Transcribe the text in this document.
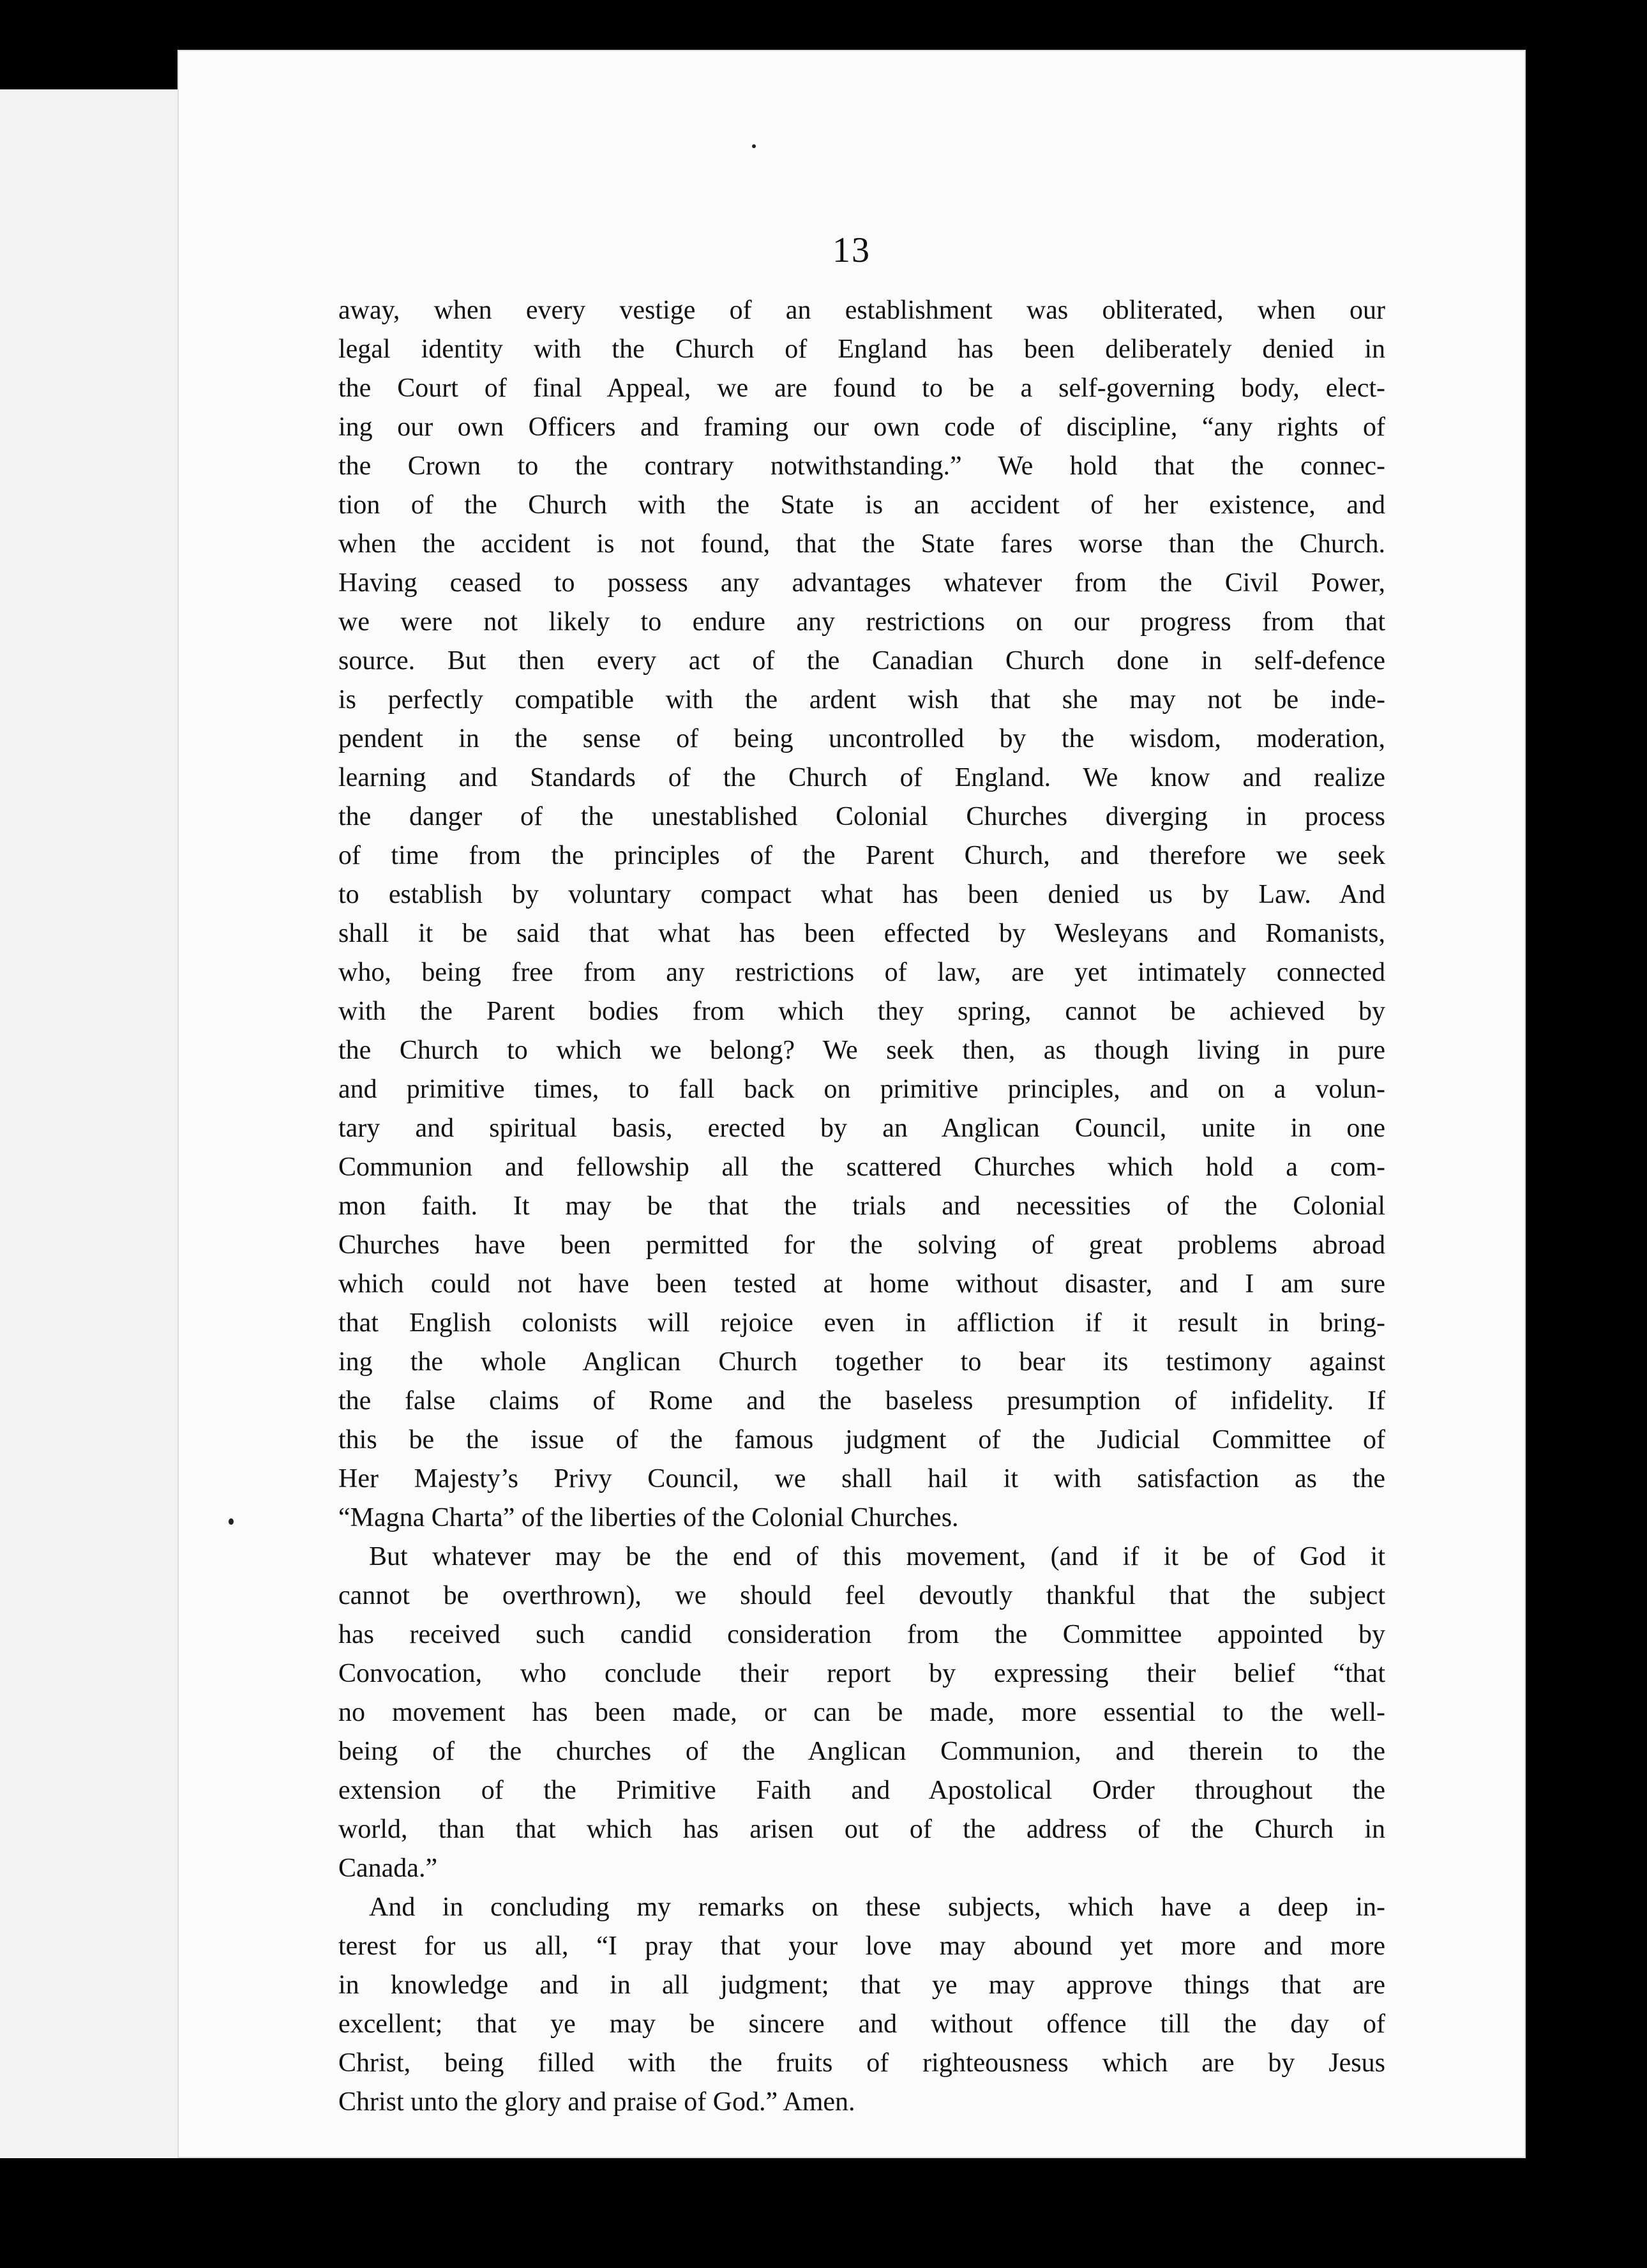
13
away, when every vestige of an establishment was obliterated, when our
legal identity with the Church of England has been deliberately denied in
the Court of final Appeal, we are found to be a self-governing body, elect-
ing our own Officers and framing our own code of discipline, “any rights of
the Crown to the contrary notwithstanding.” We hold that the connec-
tion of the Church with the State is an accident of her existence, and
when the accident is not found, that the State fares worse than the Church.
Having ceased to possess any advantages whatever from the Civil Power,
we were not likely to endure any restrictions on our progress from that
source. But then every act of the Canadian Church done in self-defence
is perfectly compatible with the ardent wish that she may not be inde-
pendent in the sense of being uncontrolled by the wisdom, moderation,
learning and Standards of the Church of England. We know and realize
the danger of the unestablished Colonial Churches diverging in process
of time from the principles of the Parent Church, and therefore we seek
to establish by voluntary compact what has been denied us by Law. And
shall it be said that what has been effected by Wesleyans and Romanists,
who, being free from any restrictions of law, are yet intimately connected
with the Parent bodies from which they spring, cannot be achieved by
the Church to which we belong? We seek then, as though living in pure
and primitive times, to fall back on primitive principles, and on a volun-
tary and spiritual basis, erected by an Anglican Council, unite in one
Communion and fellowship all the scattered Churches which hold a com-
mon faith. It may be that the trials and necessities of the Colonial
Churches have been permitted for the solving of great problems abroad
which could not have been tested at home without disaster, and I am sure
that English colonists will rejoice even in affliction if it result in bring-
ing the whole Anglican Church together to bear its testimony against
the false claims of Rome and the baseless presumption of infidelity. If
this be the issue of the famous judgment of the Judicial Committee of
Her Majesty’s Privy Council, we shall hail it with satisfaction as the
“Magna Charta” of the liberties of the Colonial Churches.
But whatever may be the end of this movement, (and if it be of God it
cannot be overthrown), we should feel devoutly thankful that the subject
has received such candid consideration from the Committee appointed by
Convocation, who conclude their report by expressing their belief “that
no movement has been made, or can be made, more essential to the well-
being of the churches of the Anglican Communion, and therein to the
extension of the Primitive Faith and Apostolical Order throughout the
world, than that which has arisen out of the address of the Church in
Canada.”
And in concluding my remarks on these subjects, which have a deep in-
terest for us all, “I pray that your love may abound yet more and more
in knowledge and in all judgment; that ye may approve things that are
excellent; that ye may be sincere and without offence till the day of
Christ, being filled with the fruits of righteousness which are by Jesus
Christ unto the glory and praise of God.” Amen.
